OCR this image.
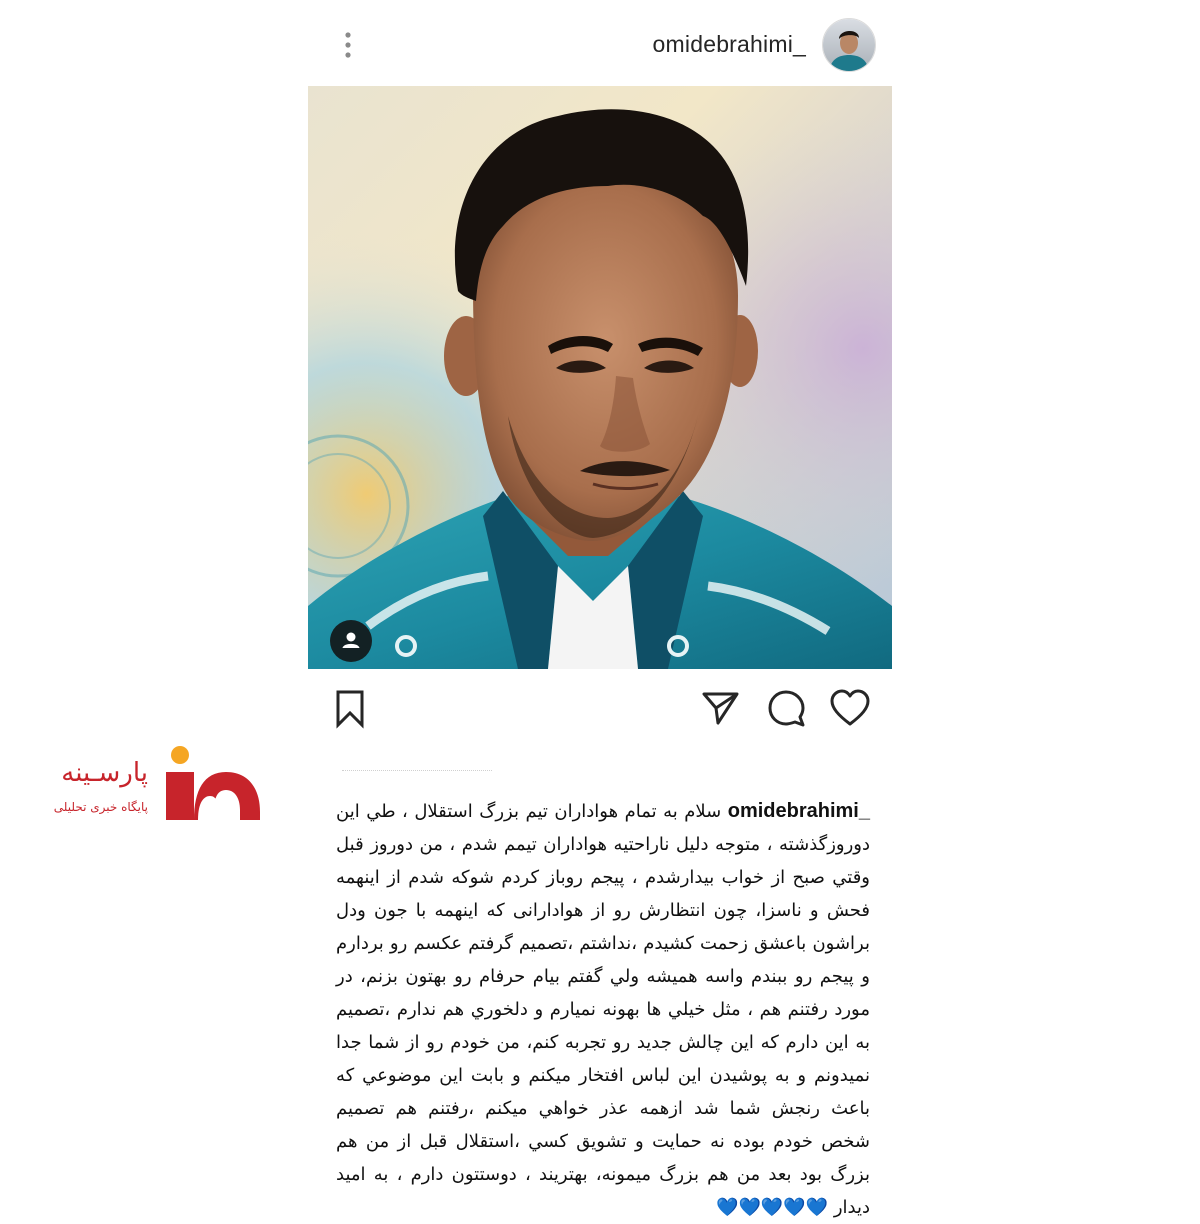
omidebrahimi_
omidebrahimi_ سلام به تمام هواداران تيم بزرگ استقلال ، طي اين دوروزگذشته ، متوجه دليل ناراحتيه هواداران تيمم شدم ، من دوروز قبل وقتي صبح از خواب بيدارشدم ، پيجم روباز كردم شوكه شدم از اينهمه فحش و ناسزا، چون انتظارش رو از هوادارانى كه اينهمه با جون ودل براشون باعشق زحمت كشيدم ،نداشتم ،تصميم گرفتم عكسم رو بردارم و پيجم رو ببندم واسه هميشه ولي گفتم بيام حرفام رو بهتون بزنم، در مورد رفتنم هم ، مثل خيلي ها بهونه نميارم و دلخوري هم ندارم ،تصميم به اين دارم كه اين چالش جديد رو تجربه كنم، من خودم رو از شما جدا نميدونم و به پوشيدن اين لباس افتخار ميكنم و بابت اين موضوعي كه باعث رنجش شما شد ازهمه عذر خواهي ميكنم ،رفتنم هم تصميم شخص خودم بوده نه حمايت و تشويق كسي ،استقلال قبل از من هم بزرگ بود بعد من هم بزرگ ميمونه، بهتريند ، دوستتون دارم ، به اميد ديدار 💙💙💙💙💙
پارسـینه
پایگاه خبری تحلیلی
